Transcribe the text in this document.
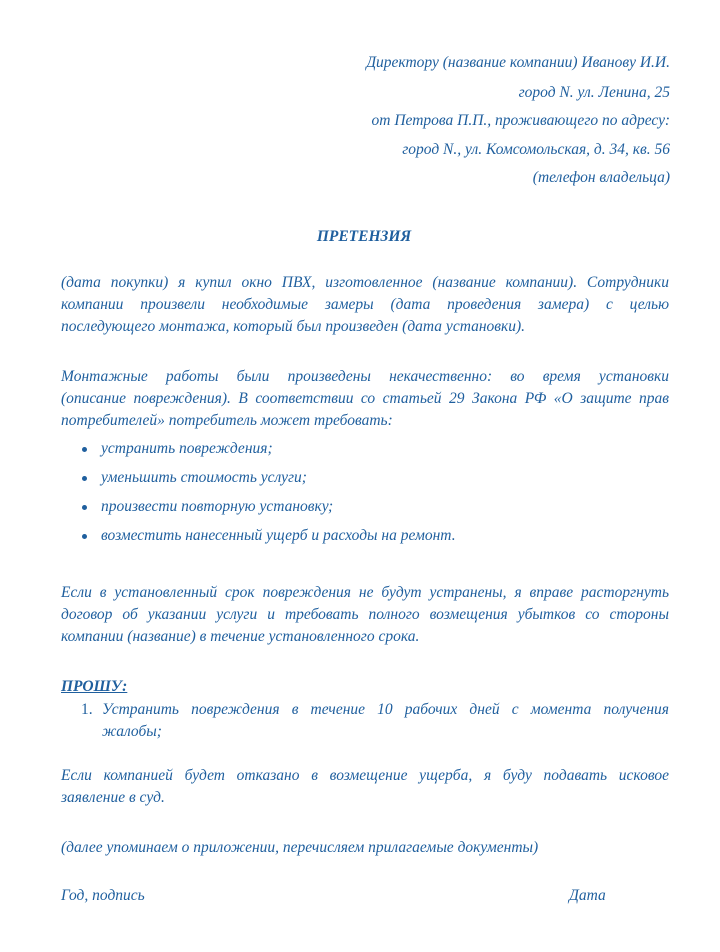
Директору (название компании) Иванову И.И.
город N. ул. Ленина, 25
от Петрова П.П., проживающего по адресу:
город N., ул. Комсомольская, д. 34, кв. 56
(телефон владельца)
ПРЕТЕНЗИЯ
(дата покупки) я купил окно ПВХ, изготовленное (название компании). Сотрудники
компании произвели необходимые замеры (дата проведения замера) с целью
последующего монтажа, который был произведен (дата установки).
Монтажные работы были произведены некачественно: во время установки
(описание повреждения). В соответствии со статьей 29 Закона РФ «О защите прав
потребителей» потребитель может требовать:
устранить повреждения;
уменьшить стоимость услуги;
произвести повторную установку;
возместить нанесенный ущерб и расходы на ремонт.
Если в установленный срок повреждения не будут устранены, я вправе расторгнуть
договор об указании услуги и требовать полного возмещения убытков со стороны
компании (название) в течение установленного срока.
ПРОШУ:
1. Устранить повреждения в течение 10 рабочих дней с момента получения
жалобы;
Если компанией будет отказано в возмещение ущерба, я буду подавать исковое
заявление в суд.
(далее упоминаем о приложении, перечисляем прилагаемые документы)
Год, подпись	Дата
